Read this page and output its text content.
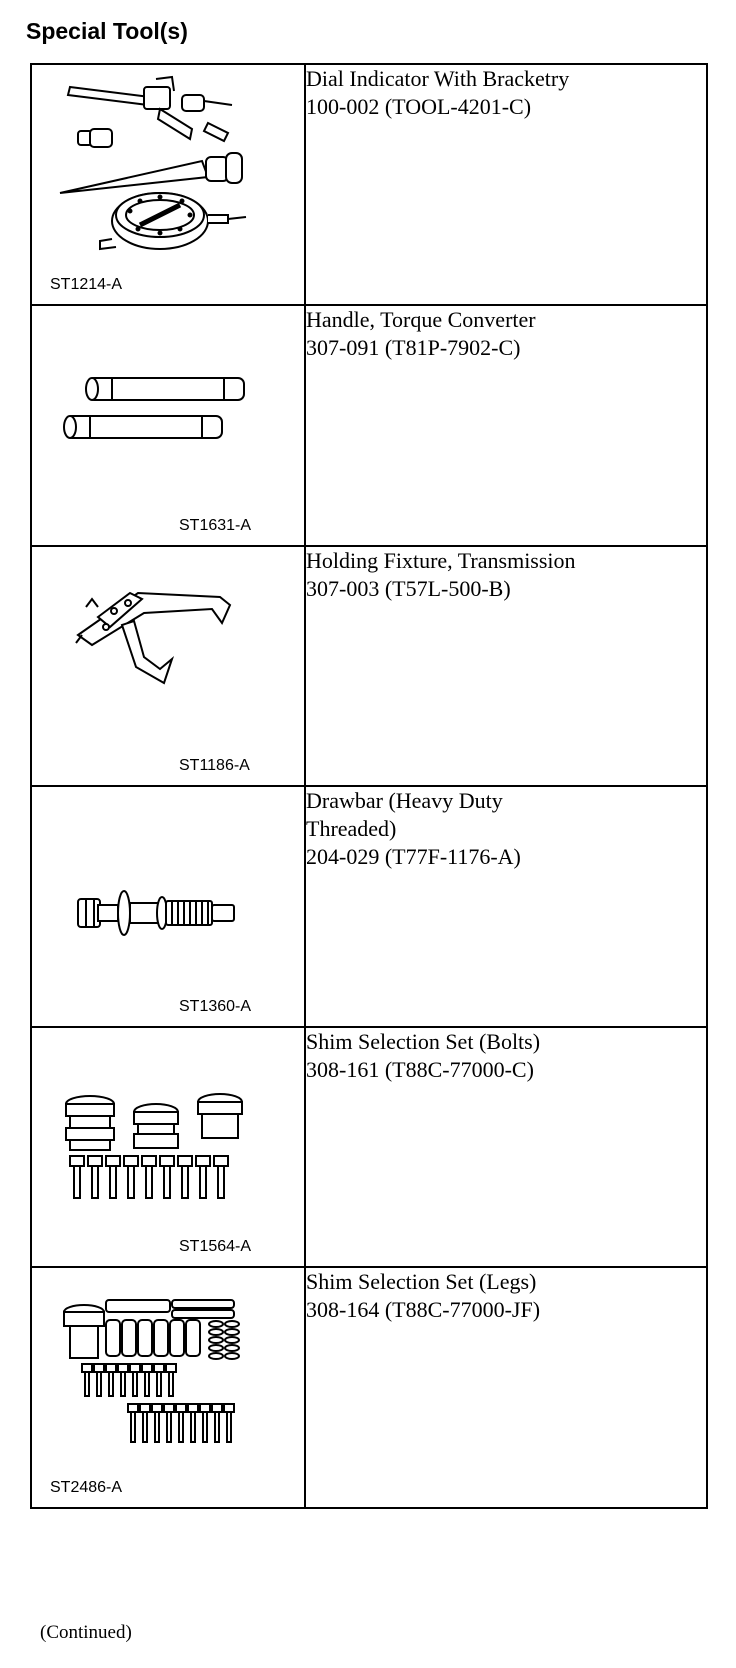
Special Tool(s)
ST1214-A	Dial Indicator With Bracketry
100-002 (TOOL-4201-C)

ST1631-A	Handle, Torque Converter
307-091 (T81P-7902-C)

ST1186-A	Holding Fixture, Transmission
307-003 (T57L-500-B)

ST1360-A	Drawbar (Heavy Duty
Threaded)
204-029 (T77F-1176-A)

ST1564-A	Shim Selection Set (Bolts)
308-161 (T88C-77000-C)

ST2486-A	Shim Selection Set (Legs)
308-164 (T88C-77000-JF)
(Continued)
